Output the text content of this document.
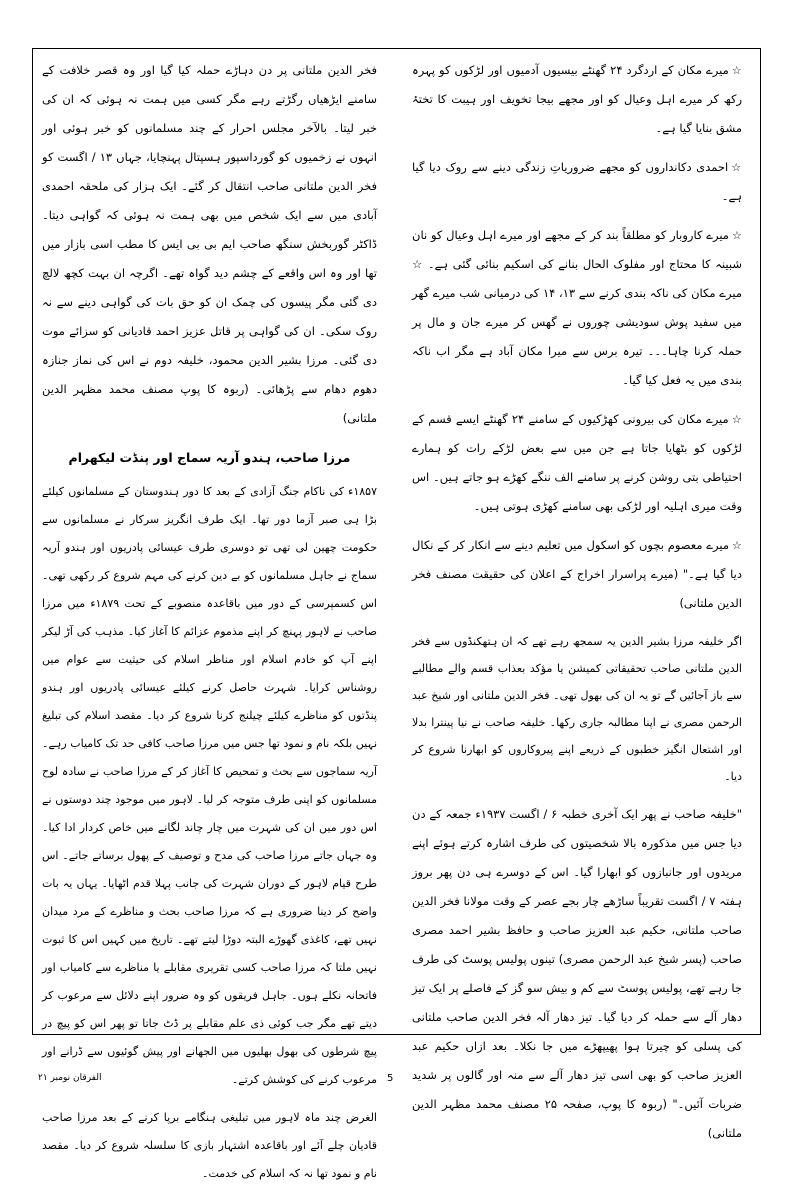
☆میرے مکان کے اردگرد ۲۴ گھنٹے بیسیوں آدمیوں اور لڑکوں کو پہرہ رکھ کر میرے اہل وعیال کو اور مجھے بیجا تخویف اور ہیبت کا تختۂ مشق بنایا گیا ہے۔

☆احمدی دکانداروں کو مجھے ضروریاتِ زندگی دینے سے روک دیا گیا ہے۔

☆میرے کاروبار کو مطلقاً بند کر کے مجھے اور میرے اہل وعیال کو نان شبینہ کا محتاج اور مفلوک الحال بنانے کی اسکیم بنائی گئی ہے۔ ☆ میرے مکان کی ناکہ بندی کرنے سے ۱۳، ۱۴ کی درمیانی شب میرے گھر میں سفید پوش سودیشی چوروں نے گھس کر میرے جان و مال پر حملہ کرنا چاہا۔۔۔ تیرہ برس سے میرا مکان آباد ہے مگر اب ناکہ بندی میں یہ فعل کیا گیا۔

☆میرے مکان کی بیرونی کھڑکیوں کے سامنے ۲۴ گھنٹے ایسے قسم کے لڑکوں کو بٹھایا جاتا ہے جن میں سے بعض لڑکے رات کو ہمارے احتیاطی بتی روشن کرنے پر سامنے الف ننگے کھڑے ہو جاتے ہیں۔ اس وقت میری اہلیہ اور لڑکی بھی سامنے کھڑی ہوتی ہیں۔

☆میرے معصوم بچوں کو اسکول میں تعلیم دینے سے انکار کر کے نکال دیا گیا ہے۔" (میرے پراسرار اخراج کے اعلان کی حقیقت مصنف فخر الدین ملتانی)

اگر خلیفہ مرزا بشیر الدین یہ سمجھ رہے تھے کہ ان ہتھکنڈوں سے فخر الدین ملتانی صاحب تحقیقاتی کمیشن یا مؤکد بعذاب قسم والے مطالبے سے باز آجائیں گے تو یہ ان کی بھول تھی۔ فخر الدین ملتانی اور شیخ عبد الرحمن مصری نے اپنا مطالبہ جاری رکھا۔ خلیفہ صاحب نے نیا پینترا بدلا اور اشتعال انگیز خطبوں کے ذریعے اپنے پیروکاروں کو ابھارنا شروع کر دیا۔

"خلیفہ صاحب نے پھر ایک آخری خطبہ ۶ / اگست ۱۹۳۷ء جمعہ کے دن دیا جس میں مذکورہ بالا شخصیتوں کی طرف اشارہ کرتے ہوئے اپنے مریدوں اور جانبازوں کو ابھارا گیا۔ اس کے دوسرے ہی دن پھر بروز ہفتہ ۷ / اگست تقریباً ساڑھے چار بجے عصر کے وقت مولانا فخر الدین صاحب ملتانی، حکیم عبد العزیز صاحب و حافظ بشیر احمد مصری صاحب (پسر شیخ عبد الرحمن مصری) تینوں پولیس پوسٹ کی طرف جا رہے تھے، پولیس پوسٹ سے کم و بیش سو گز کے فاصلے پر ایک تیز دھار آلے سے حملہ کر دیا گیا۔ تیز دھار آلہ فخر الدین صاحب ملتانی کی پسلی کو چیرتا ہوا پھیپھڑے میں جا نکلا۔ بعد ازاں حکیم عبد العزیز صاحب کو بھی اسی تیز دھار آلے سے منہ اور گالوں پر شدید ضربات آئیں۔" (ربوہ کا پوپ، صفحہ ۲۵ مصنف محمد مظہر الدین ملتانی)

فخر الدین ملتانی پر دن دہاڑے حملہ کیا گیا اور وہ قصر خلافت کے سامنے ایڑھیاں رگڑتے رہے مگر کسی میں ہمت نہ ہوئی کہ ان کی خبر لیتا۔ بالآخر مجلس احرار کے چند مسلمانوں کو خبر ہوئی اور انہوں نے زخمیوں کو گورداسپور ہسپتال پہنچایا، جہاں ۱۳ / اگست کو فخر الدین ملتانی صاحب انتقال کر گئے۔ ایک ہزار کی ملحقہ احمدی آبادی میں سے ایک شخص میں بھی ہمت نہ ہوئی کہ گواہی دیتا۔ ڈاکٹر گوربخش سنگھ صاحب ایم بی بی ایس کا مطب اسی بازار میں تھا اور وہ اس واقعے کے چشم دید گواہ تھے۔ اگرچہ ان بہت کچھ لالچ دی گئی مگر پیسوں کی چمک ان کو حق بات کی گواہی دینے سے نہ روک سکی۔ ان کی گواہی پر قاتل عزیز احمد قادیانی کو سزائے موت دی گئی۔ مرزا بشیر الدین محمود، خلیفہ دوم نے اس کی نماز جنازہ دھوم دھام سے پڑھائی۔ (ربوہ کا پوپ مصنف محمد مظہر الدین ملتانی)

مرزا صاحب، ہندو آریہ سماج اور پنڈت لیکھرام

۱۸۵۷ء کی ناکام جنگ آزادی کے بعد کا دور ہندوستان کے مسلمانوں کیلئے بڑا ہی صبر آزما دور تھا۔ ایک طرف انگریز سرکار نے مسلمانوں سے حکومت چھین لی تھی تو دوسری طرف عیسائی پادریوں اور ہندو آریہ سماج نے جاہل مسلمانوں کو بے دین کرنے کی مہم شروع کر رکھی تھی۔ اس کسمپرسی کے دور میں باقاعدہ منصوبے کے تحت ۱۸۷۹ء میں مرزا صاحب نے لاہور پہنچ کر اپنے مذموم عزائم کا آغاز کیا۔ مذہب کی آڑ لیکر اپنے آپ کو خادم اسلام اور مناظر اسلام کی حیثیت سے عوام میں روشناس کرایا۔ شہرت حاصل کرنے کیلئے عیسائی پادریوں اور ہندو پنڈتوں کو مناظرے کیلئے چیلنج کرنا شروع کر دیا۔ مقصد اسلام کی تبلیغ نہیں بلکہ نام و نمود تھا جس میں مرزا صاحب کافی حد تک کامیاب رہے۔ آریہ سماجوں سے بحث و تمحیص کا آغاز کر کے مرزا صاحب نے سادہ لوح مسلمانوں کو اپنی طرف متوجہ کر لیا۔ لاہور میں موجود چند دوستوں نے اس دور میں ان کی شہرت میں چار چاند لگانے میں خاص کردار ادا کیا۔ وہ جہاں جاتے مرزا صاحب کی مدح و توصیف کے پھول برساتے جاتے۔ اس طرح قیام لاہور کے دوران شہرت کی جانب پہلا قدم اٹھایا۔ یہاں یہ بات واضح کر دینا ضروری ہے کہ مرزا صاحب بحث و مناظرے کے مرد میدان نہیں تھے، کاغذی گھوڑے البتہ دوڑا لیتے تھے۔ تاریخ میں کہیں اس کا ثبوت نہیں ملتا کہ مرزا صاحب کسی تقریری مقابلے یا مناظرے سے کامیاب اور فاتحانہ نکلے ہوں۔ جاہل فریقوں کو وہ ضرور اپنے دلائل سے مرعوب کر دیتے تھے مگر جب کوئی ذی علم مقابلے پر ڈٹ جاتا تو پھر اس کو پیچ در پیچ شرطوں کی بھول بھلیوں میں الجھانے اور پیش گوئیوں سے ڈرانے اور مرعوب کرنے کی کوشش کرتے۔

الغرض چند ماہ لاہور میں تبلیغی ہنگامے برپا کرنے کے بعد مرزا صاحب قادیان چلے آئے اور باقاعدہ اشتہار بازی کا سلسلہ شروع کر دیا۔ مقصد نام و نمود تھا نہ کہ اسلام کی خدمت۔

الفرقان نومبر ۲۱	5
